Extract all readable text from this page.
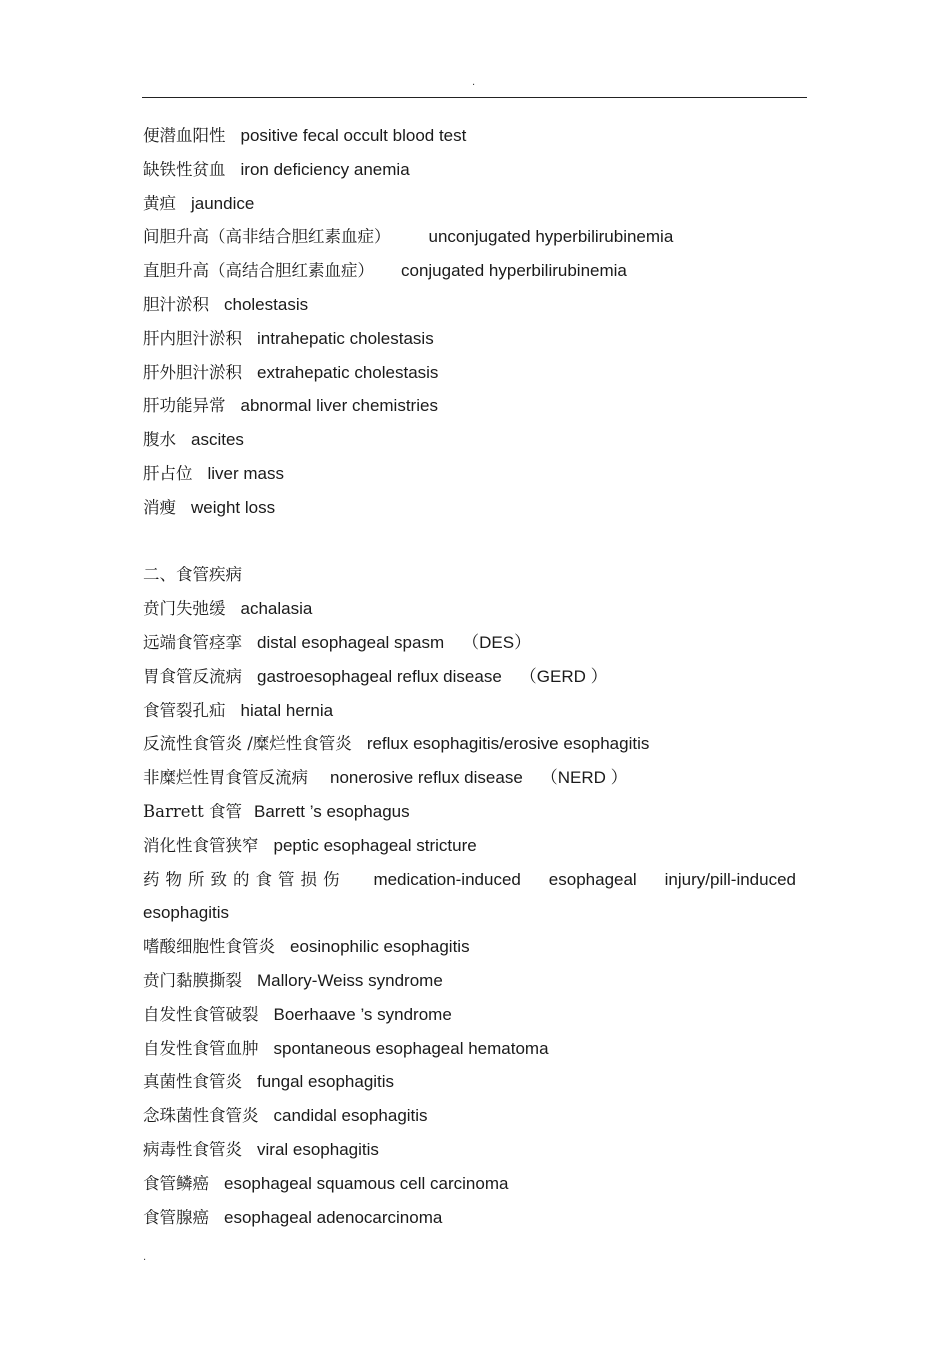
.
便潜血阳性 positive fecal occult blood test
缺铁性贫血 iron deficiency anemia
黄疸 jaundice
间胆升高（高非结合胆红素血症） unconjugated hyperbilirubinemia
直胆升高（高结合胆红素血症） conjugated hyperbilirubinemia
胆汁淤积 cholestasis
肝内胆汁淤积 intrahepatic cholestasis
肝外胆汁淤积 extrahepatic cholestasis
肝功能异常 abnormal liver chemistries
腹水 ascites
肝占位 liver mass
消瘦 weight loss
二、食管疾病
贲门失弛缓 achalasia
远端食管痉挛 distal esophageal spasm （DES）
胃食管反流病 gastroesophageal reflux disease （GERD ）
食管裂孔疝 hiatal hernia
反流性食管炎 /糜烂性食管炎 reflux esophagitis/erosive esophagitis
非糜烂性胃食管反流病 nonerosive reflux disease （NERD ）
Barrett 食管 Barrett ’s esophagus
消化性食管狭窄 peptic esophageal stricture
药物所致的食管损伤 medication-induced esophageal injury/pill-induced
esophagitis
嗜酸细胞性食管炎 eosinophilic esophagitis
贲门黏膜撕裂 Mallory-Weiss syndrome
自发性食管破裂 Boerhaave ’s syndrome
自发性食管血肿 spontaneous esophageal hematoma
真菌性食管炎 fungal esophagitis
念珠菌性食管炎 candidal esophagitis
病毒性食管炎 viral esophagitis
食管鳞癌 esophageal squamous cell carcinoma
食管腺癌 esophageal adenocarcinoma
.
